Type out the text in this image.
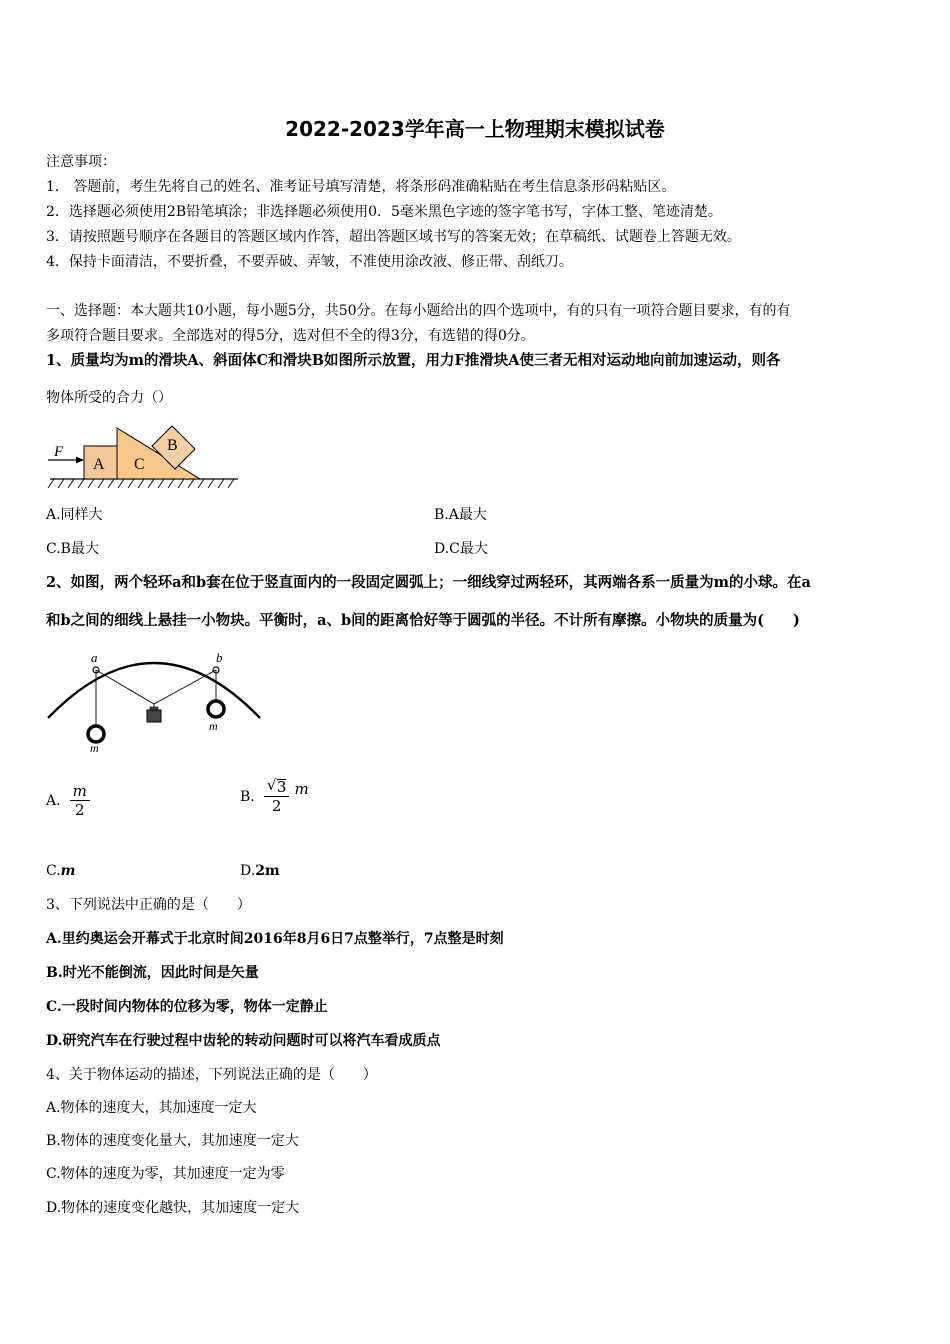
2022-2023学年高一上物理期末模拟试卷
注意事项：
1． 答题前，考生先将自己的姓名、准考证号填写清楚，将条形码准确粘贴在考生信息条形码粘贴区。
2．选择题必须使用2B铅笔填涂；非选择题必须使用0．5毫米黑色字迹的签字笔书写，字体工整、笔迹清楚。
3．请按照题号顺序在各题目的答题区域内作答，超出答题区域书写的答案无效；在草稿纸、试题卷上答题无效。
4．保持卡面清洁，不要折叠，不要弄破、弄皱，不准使用涂改液、修正带、刮纸刀。
一、选择题：本大题共10小题，每小题5分，共50分。在每小题给出的四个选项中，有的只有一项符合题目要求，有的有
多项符合题目要求。全部选对的得5分，选对但不全的得3分，有选错的得0分。
1、质量均为m的滑块A、斜面体C和滑块B如图所示放置，用力F推滑块A使三者无相对运动地向前加速运动，则各
物体所受的合力（）
F
A C
B
A.同样大	B.A最大
C.B最大	D.C最大
2、如图，两个轻环a和b套在位于竖直面内的一段固定圆弧上；一细线穿过两轻环，其两端各系一质量为m的小球。在a
和b之间的细线上悬挂一小物块。平衡时，a、b间的距离恰好等于圆弧的半径。不计所有摩擦。小物块的质量为(　　)
a	b
m
m
A. $\frac{m}{2}$	B. $\frac{√ 3}{2}$ m
C.m	D.2m
3、下列说法中正确的是（　　）
A.里约奥运会开幕式于北京时间2016年8月6日7点整举行，7点整是时刻
B.时光不能倒流，因此时间是矢量
C.一段时间内物体的位移为零，物体一定静止
D.研究汽车在行驶过程中齿轮的转动问题时可以将汽车看成质点
4、关于物体运动的描述，下列说法正确的是（　　）
A.物体的速度大，其加速度一定大
B.物体的速度变化量大，其加速度一定大
C.物体的速度为零，其加速度一定为零
D.物体的速度变化越快，其加速度一定大
